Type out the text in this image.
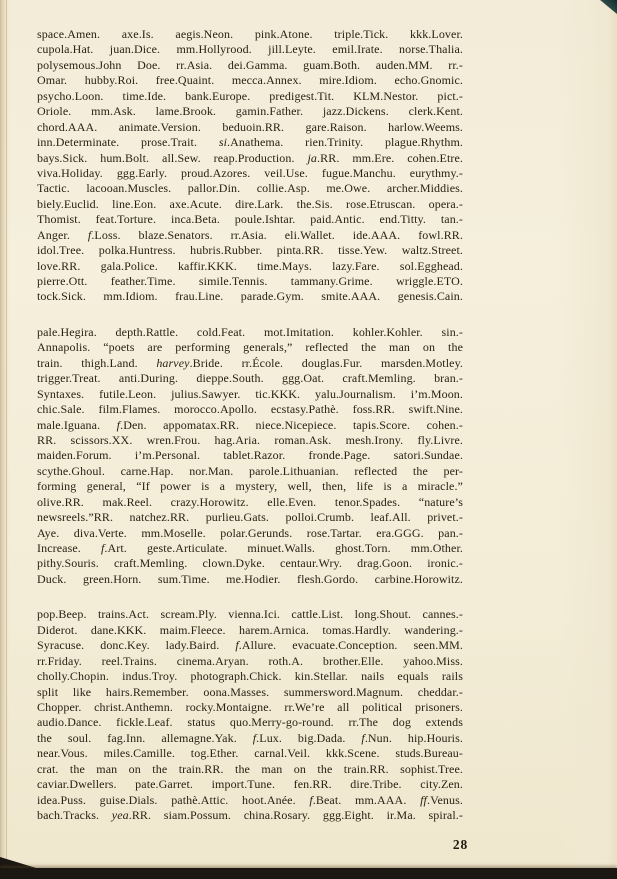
space.Amen. axe.Is. aegis.Neon. pink.Atone. triple.Tick. kkk.Lover.
cupola.Hat. juan.Dice. mm.Hollyrood. jill.Leyte. emil.Irate. norse.Thalia.
polysemous.John Doe. rr.Asia. dei.Gamma. guam.Both. auden.MM. rr.-
Omar. hubby.Roi. free.Quaint. mecca.Annex. mire.Idiom. echo.Gnomic.
psycho.Loon. time.Ide. bank.Europe. predigest.Tit. KLM.Nestor. pict.-
Oriole. mm.Ask. lame.Brook. gamin.Father. jazz.Dickens. clerk.Kent.
chord.AAA. animate.Version. beduoin.RR. gare.Raison. harlow.Weems.
inn.Determinate. prose.Trait. si.Anathema. rien.Trinity. plague.Rhythm.
bays.Sick. hum.Bolt. all.Sew. reap.Production. ja.RR. mm.Ere. cohen.Etre.
viva.Holiday. ggg.Early. proud.Azores. veil.Use. fugue.Manchu. eurythmy.-
Tactic. lacooan.Muscles. pallor.Din. collie.Asp. me.Owe. archer.Middies.
biely.Euclid. line.Eon. axe.Acute. dire.Lark. the.Sis. rose.Etruscan. opera.-
Thomist. feat.Torture. inca.Beta. poule.Ishtar. paid.Antic. end.Titty. tan.-
Anger. f.Loss. blaze.Senators. rr.Asia. eli.Wallet. ide.AAA. fowl.RR.
idol.Tree. polka.Huntress. hubris.Rubber. pinta.RR. tisse.Yew. waltz.Street.
love.RR. gala.Police. kaffir.KKK. time.Mays. lazy.Fare. sol.Egghead.
pierre.Ott. feather.Time. simile.Tennis. tammany.Grime. wriggle.ETO.
tock.Sick. mm.Idiom. frau.Line. parade.Gym. smite.AAA. genesis.Cain.
pale.Hegira. depth.Rattle. cold.Feat. mot.Imitation. kohler.Kohler. sin.-
Annapolis. “poets are performing generals,” reflected the man on the
train. thigh.Land. harvey.Bride. rr.École. douglas.Fur. marsden.Motley.
trigger.Treat. anti.During. dieppe.South. ggg.Oat. craft.Memling. bran.-
Syntaxes. futile.Leon. julius.Sawyer. tic.KKK. yalu.Journalism. i’m.Moon.
chic.Sale. film.Flames. morocco.Apollo. ecstasy.Pathè. foss.RR. swift.Nine.
male.Iguana. f.Den. appomatax.RR. niece.Nicepiece. tapis.Score. cohen.-
RR. scissors.XX. wren.Frou. hag.Aria. roman.Ask. mesh.Irony. fly.Livre.
maiden.Forum. i’m.Personal. tablet.Razor. fronde.Page. satori.Sundae.
scythe.Ghoul. carne.Hap. nor.Man. parole.Lithuanian. reflected the per-
forming general, “If power is a mystery, well, then, life is a miracle.”
olive.RR. mak.Reel. crazy.Horowitz. elle.Even. tenor.Spades. “nature’s
newsreels.”RR. natchez.RR. purlieu.Gats. polloi.Crumb. leaf.All. privet.-
Aye. diva.Verte. mm.Moselle. polar.Gerunds. rose.Tartar. era.GGG. pan.-
Increase. f.Art. geste.Articulate. minuet.Walls. ghost.Torn. mm.Other.
pithy.Souris. craft.Memling. clown.Dyke. centaur.Wry. drag.Goon. ironic.-
Duck. green.Horn. sum.Time. me.Hodier. flesh.Gordo. carbine.Horowitz.
pop.Beep. trains.Act. scream.Ply. vienna.Ici. cattle.List. long.Shout. cannes.-
Diderot. dane.KKK. maim.Fleece. harem.Arnica. tomas.Hardly. wandering.-
Syracuse. donc.Key. lady.Baird. f.Allure. evacuate.Conception. seen.MM.
rr.Friday. reel.Trains. cinema.Aryan. roth.A. brother.Elle. yahoo.Miss.
cholly.Chopin. indus.Troy. photograph.Chick. kin.Stellar. nails equals rails
split like hairs.Remember. oona.Masses. summersword.Magnum. cheddar.-
Chopper. christ.Anthemn. rocky.Montaigne. rr.We’re all political prisoners.
audio.Dance. fickle.Leaf. status quo.Merry-go-round. rr.The dog extends
the soul. fag.Inn. allemagne.Yak. f.Lux. big.Dada. f.Nun. hip.Houris.
near.Vous. miles.Camille. tog.Ether. carnal.Veil. kkk.Scene. studs.Bureau-
crat. the man on the train.RR. the man on the train.RR. sophist.Tree.
caviar.Dwellers. pate.Garret. import.Tune. fen.RR. dire.Tribe. city.Zen.
idea.Puss. guise.Dials. pathè.Attic. hoot.Anée. f.Beat. mm.AAA. ff.Venus.
bach.Tracks. yea.RR. siam.Possum. china.Rosary. ggg.Eight. ir.Ma. spiral.-
28
